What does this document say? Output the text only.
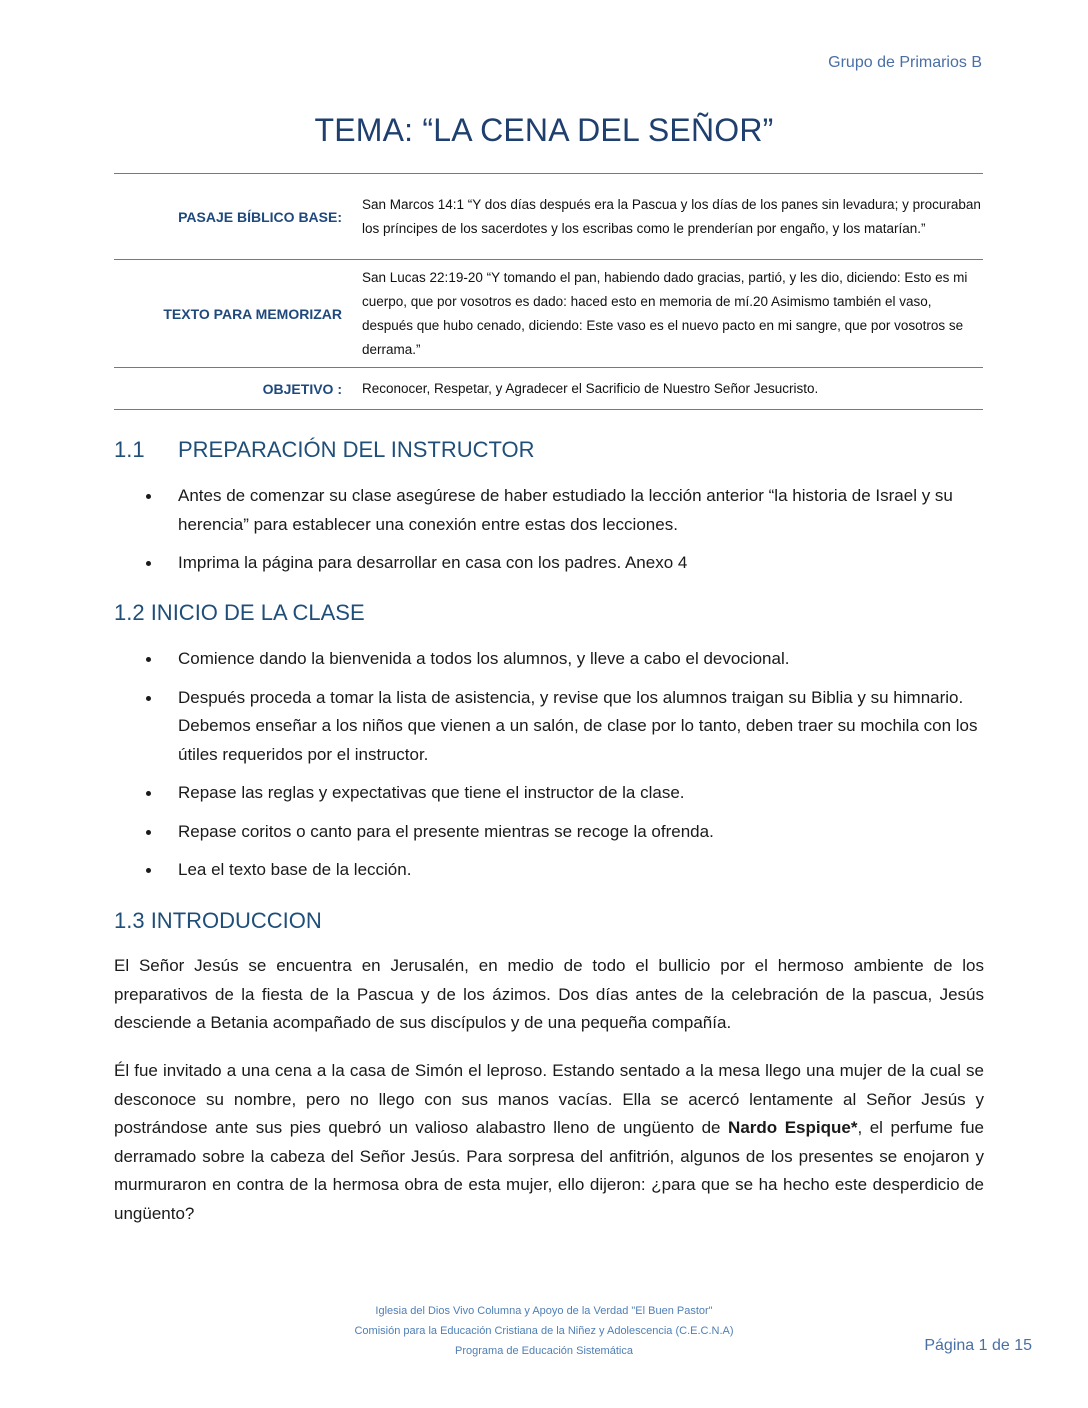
Grupo de Primarios B
TEMA: “LA CENA DEL SEÑOR”
PASAJE BÍBLICO BASE:	San Marcos 14:1 “Y dos días después era la Pascua y los días de los panes sin levadura; y procuraban los príncipes de los sacerdotes y los escribas como le prenderían por engaño, y los matarían.”
TEXTO PARA MEMORIZAR	San Lucas 22:19-20 “Y tomando el pan, habiendo dado gracias, partió, y les dio, diciendo: Esto es mi cuerpo, que por vosotros es dado: haced esto en memoria de mí.20 Asimismo también el vaso, después que hubo cenado, diciendo: Este vaso es el nuevo pacto en mi sangre, que por vosotros se derrama.”
OBJETIVO :	Reconocer, Respetar, y Agradecer el Sacrificio de Nuestro Señor Jesucristo.
1.1 PREPARACIÓN DEL INSTRUCTOR
Antes de comenzar su clase asegúrese de haber estudiado la lección anterior “la historia de Israel y su herencia” para establecer una conexión entre estas dos lecciones.
Imprima la página para desarrollar en casa con los padres. Anexo 4
1.2 INICIO DE LA CLASE
Comience dando la bienvenida a todos los alumnos, y lleve a cabo el devocional.
Después proceda a tomar la lista de asistencia, y revise que los alumnos traigan su Biblia y su himnario. Debemos enseñar a los niños que vienen a un salón, de clase por lo tanto, deben traer su mochila con los útiles requeridos por el instructor.
Repase las reglas y expectativas que tiene el instructor de la clase.
Repase coritos o canto para el presente mientras se recoge la ofrenda.
Lea el texto base de la lección.
1.3 INTRODUCCION

El Señor Jesús se encuentra en Jerusalén, en medio de todo el bullicio por el hermoso ambiente de los preparativos de la fiesta de la Pascua y de los ázimos. Dos días antes de la celebración de la pascua, Jesús desciende a Betania acompañado de sus discípulos y de una pequeña compañía.

Él fue invitado a una cena a la casa de Simón el leproso. Estando sentado a la mesa llego una mujer de la cual se desconoce su nombre, pero no llego con sus manos vacías. Ella se acercó lentamente al Señor Jesús y postrándose ante sus pies quebró un valioso alabastro lleno de ungüento de Nardo Espique*, el perfume fue derramado sobre la cabeza del Señor Jesús. Para sorpresa del anfitrión, algunos de los presentes se enojaron y murmuraron en contra de la hermosa obra de esta mujer, ello dijeron: ¿para que se ha hecho este desperdicio de ungüento?

Iglesia del Dios Vivo Columna y Apoyo de la Verdad "El Buen Pastor"
Comisión para la Educación Cristiana de la Niñez y Adolescencia (C.E.C.N.A)
Programa de Educación Sistemática	Página 1 de 15
